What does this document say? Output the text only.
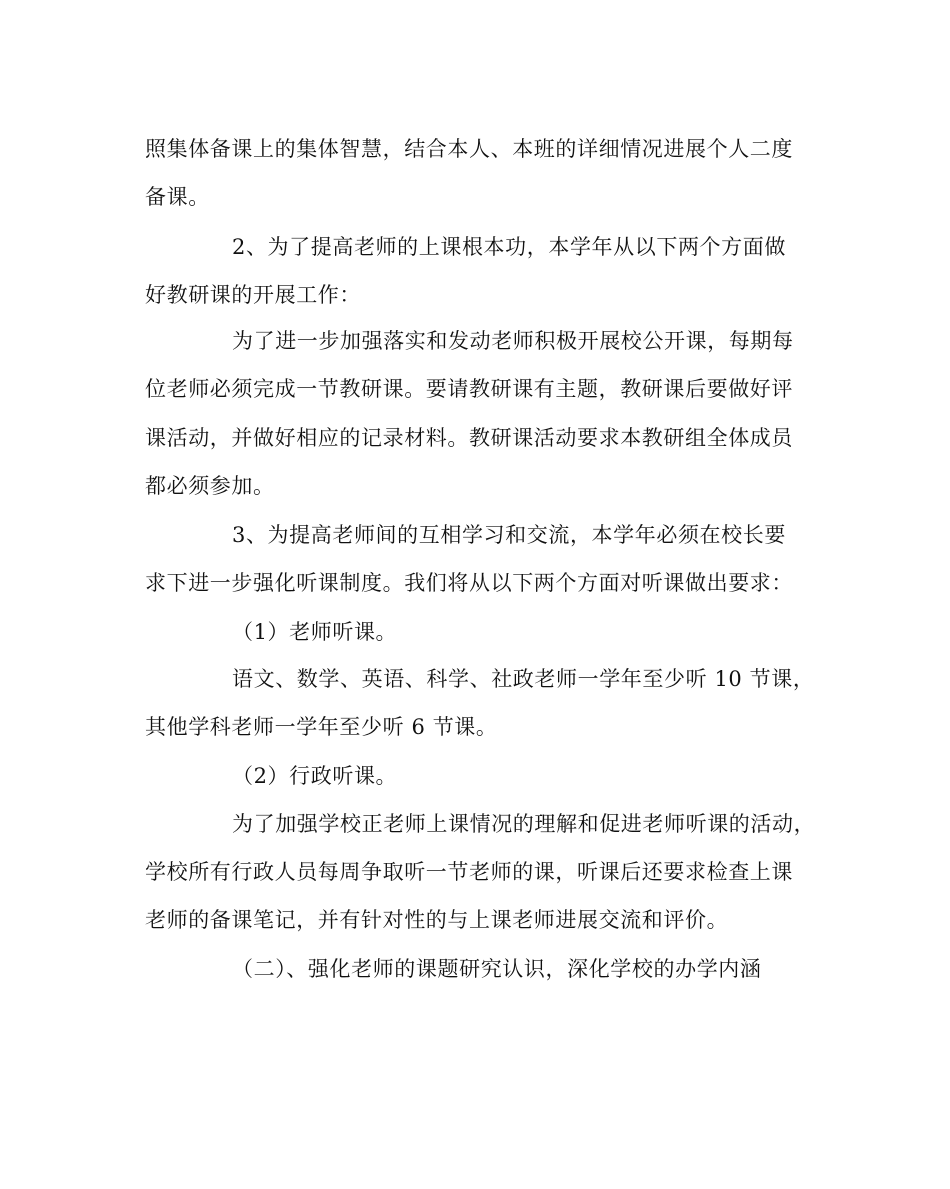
照集体备课上的集体智慧，结合本人、本班的详细情况进展个人二度
备课。
2、为了提高老师的上课根本功，本学年从以下两个方面做
好教研课的开展工作：
为了进一步加强落实和发动老师积极开展校公开课，每期每
位老师必须完成一节教研课。要请教研课有主题，教研课后要做好评
课活动，并做好相应的记录材料。教研课活动要求本教研组全体成员
都必须参加。
3、为提高老师间的互相学习和交流，本学年必须在校长要
求下进一步强化听课制度。我们将从以下两个方面对听课做出要求：
（1）老师听课。
语文、数学、英语、科学、社政老师一学年至少听 10 节课，
其他学科老师一学年至少听 6 节课。
（2）行政听课。
为了加强学校正老师上课情况的理解和促进老师听课的活动，
学校所有行政人员每周争取听一节老师的课，听课后还要求检查上课
老师的备课笔记，并有针对性的与上课老师进展交流和评价。
（二）、强化老师的课题研究认识，深化学校的办学内涵
